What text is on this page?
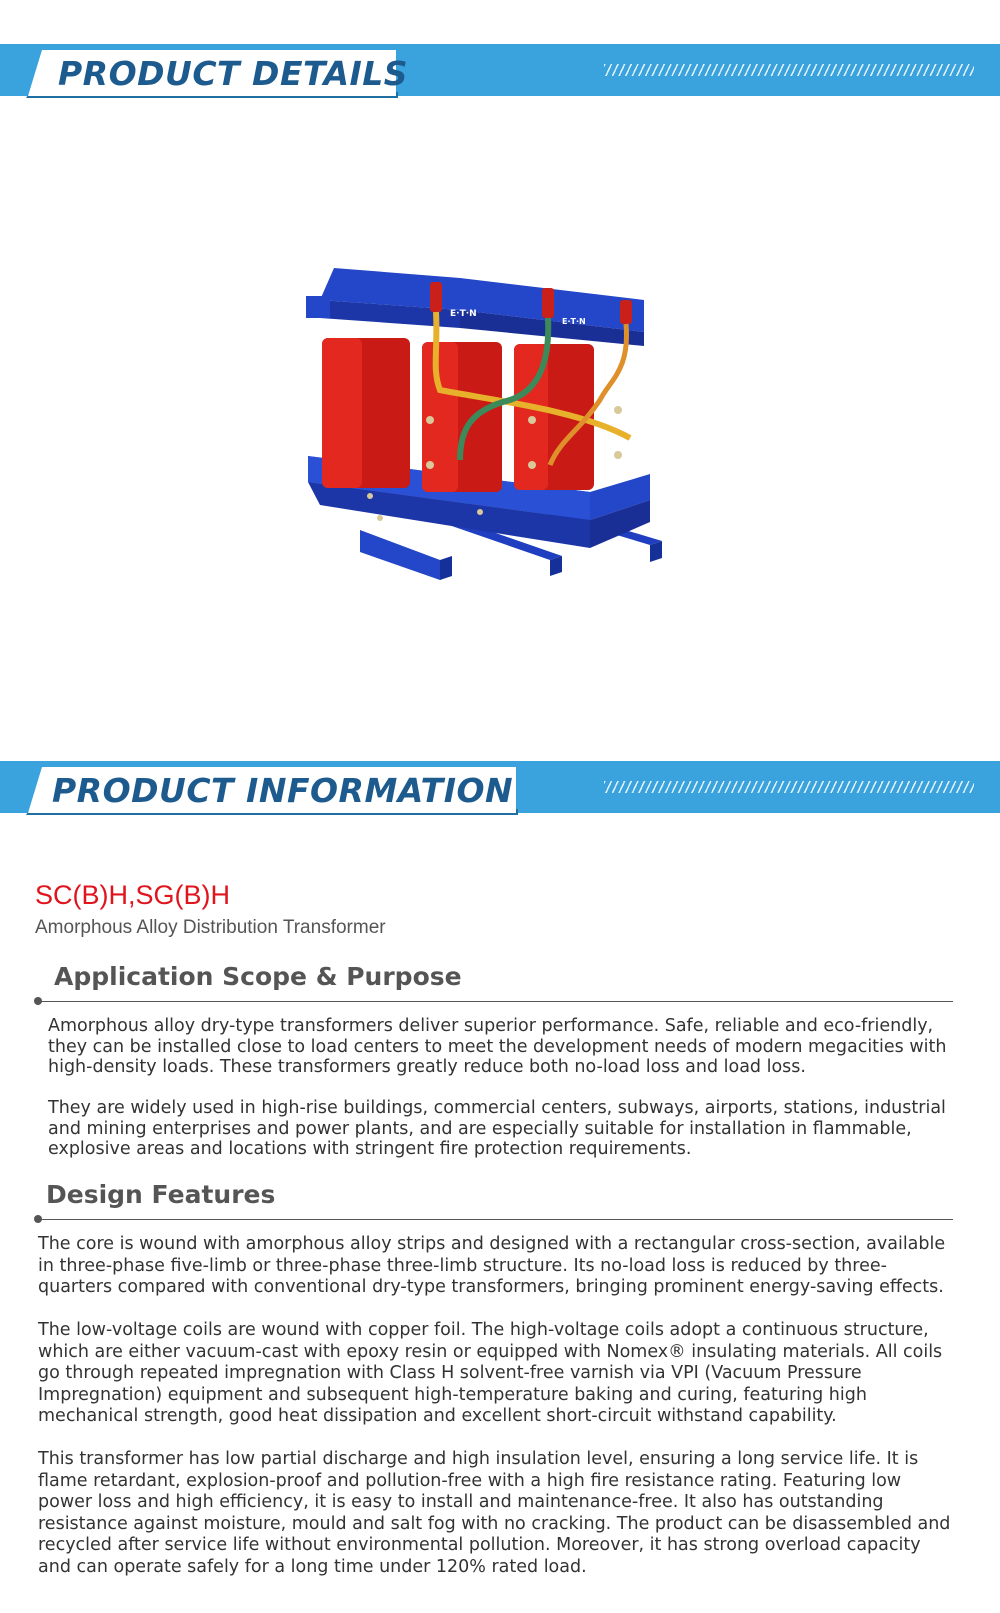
PRODUCT DETAILS
E·T·N
E·T·N
PRODUCT INFORMATION
SC(B)H,SG(B)H
Amorphous Alloy Distribution Transformer
Application Scope & Purpose
Amorphous alloy dry-type transformers deliver superior performance. Safe, reliable and eco-friendly, they can be installed close to load centers to meet the development needs of modern megacities with high-density loads. These transformers greatly reduce both no-load loss and load loss.
They are widely used in high-rise buildings, commercial centers, subways, airports, stations, industrial and mining enterprises and power plants, and are especially suitable for installation in flammable, explosive areas and locations with stringent fire protection requirements.
Design Features
The core is wound with amorphous alloy strips and designed with a rectangular cross-section, available in three-phase five-limb or three-phase three-limb structure. Its no-load loss is reduced by three-quarters compared with conventional dry-type transformers, bringing prominent energy-saving effects.
The low-voltage coils are wound with copper foil. The high-voltage coils adopt a continuous structure, which are either vacuum-cast with epoxy resin or equipped with Nomex® insulating materials. All coils go through repeated impregnation with Class H solvent-free varnish via VPI (Vacuum Pressure Impregnation) equipment and subsequent high-temperature baking and curing, featuring high mechanical strength, good heat dissipation and excellent short-circuit withstand capability.
This transformer has low partial discharge and high insulation level, ensuring a long service life. It is flame retardant, explosion-proof and pollution-free with a high fire resistance rating. Featuring low power loss and high efficiency, it is easy to install and maintenance-free. It also has outstanding resistance against moisture, mould and salt fog with no cracking. The product can be disassembled and recycled after service life without environmental pollution. Moreover, it has strong overload capacity and can operate safely for a long time under 120% rated load.
